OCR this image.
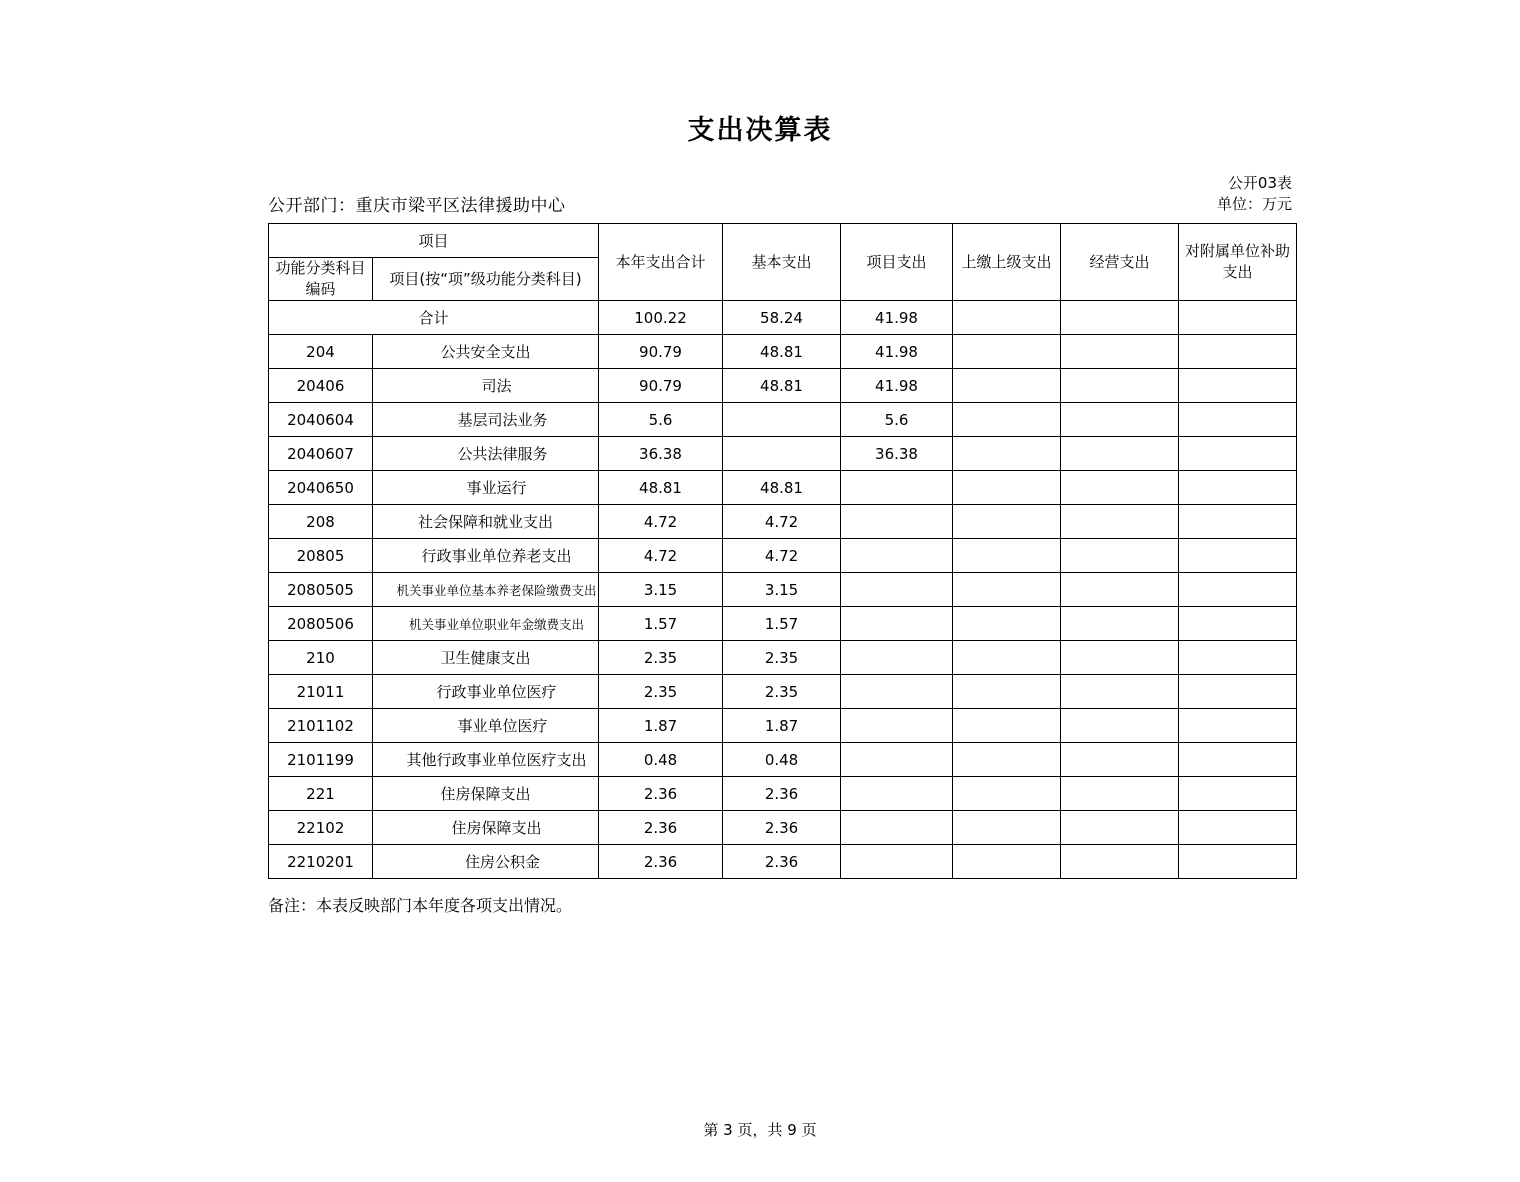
支出决算表
公开03表
单位：万元
公开部门：重庆市梁平区法律援助中心
项目		本年支出合计	基本支出	项目支出	上缴上级支出	经营支出	对附属单位补助支出
功能分类科目编码	项目(按“项”级功能分类科目)						
合计		100.22	58.24	41.98			
204	公共安全支出	90.79	48.81	41.98			
20406	司法	90.79	48.81	41.98			
2040604	基层司法业务	5.6		5.6			
2040607	公共法律服务	36.38		36.38			
2040650	事业运行	48.81	48.81				
208	社会保障和就业支出	4.72	4.72				
20805	行政事业单位养老支出	4.72	4.72				
2080505	机关事业单位基本养老保险缴费支出	3.15	3.15				
2080506	机关事业单位职业年金缴费支出	1.57	1.57				
210	卫生健康支出	2.35	2.35				
21011	行政事业单位医疗	2.35	2.35				
2101102	事业单位医疗	1.87	1.87				
2101199	其他行政事业单位医疗支出	0.48	0.48				
221	住房保障支出	2.36	2.36				
22102	住房保障支出	2.36	2.36				
2210201	住房公积金	2.36	2.36				
备注：本表反映部门本年度各项支出情况。
第 3 页，共 9 页
